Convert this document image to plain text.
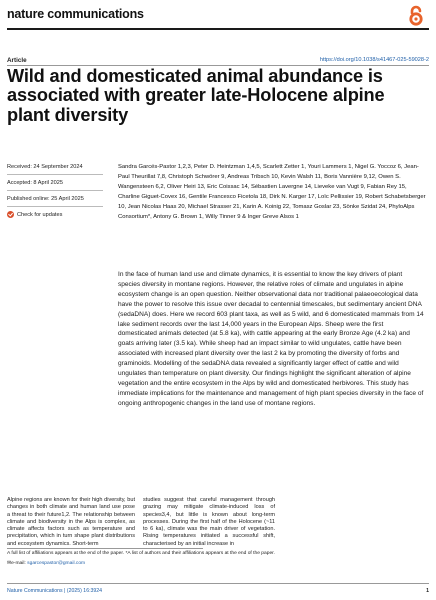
nature communications
Article	https://doi.org/10.1038/s41467-025-59028-2
Wild and domesticated animal abundance is associated with greater late-Holocene alpine plant diversity
Received: 24 September 2024
Accepted: 8 April 2025
Published online: 25 April 2025
Check for updates
Sandra Garcés-Pastor 1,2,3, Peter D. Heintzman 1,4,5, Scarlett Zetter 1, Youri Lammers 1, Nigel G. Yoccoz 6, Jean-Paul Theurillat 7,8, Christoph Schwörer 9, Andreas Tribsch 10, Kevin Walsh 11, Boris Vannière 9,12, Owen S. Wangensteen 6,2, Oliver Heiri 13, Eric Coissac 14, Sébastien Lavergne 14, Lieveke van Vugt 9, Fabian Rey 15, Charline Giguet-Covex 16, Gentile Francesco Ficetola 18, Dirk N. Karger 17, Loïc Pellissier 19, Robert Schabetsberger 10, Jean Nicolas Haas 20, Michael Strasser 21, Karin A. Koinig 22, Tomasz Goslar 23, Sönke Szidat 24, PhyloAlps Consortium*, Antony G. Brown 1, Willy Tinner 9 & Inger Greve Alsos 1
In the face of human land use and climate dynamics, it is essential to know the key drivers of plant species diversity in montane regions. However, the relative roles of climate and ungulates in alpine ecosystem change is an open question. Neither observational data nor traditional palaeoecological data have the power to resolve this issue over decadal to centennial timescales, but sedimentary ancient DNA (sedaDNA) does. Here we record 603 plant taxa, as well as 5 wild, and 6 domesticated mammals from 14 lake sediment records over the last 14,000 years in the European Alps. Sheep were the first domesticated animals detected (at 5.8 ka), with cattle appearing at the early Bronze Age (4.2 ka) and goats arriving later (3.5 ka). While sheep had an impact similar to wild ungulates, cattle have been associated with increased plant diversity over the last 2 ka by promoting the diversity of forbs and graminoids. Modelling of the sedaDNA data revealed a significantly larger effect of cattle and wild ungulates than temperature on plant diversity. Our findings highlight the significant alteration of alpine vegetation and the entire ecosystem in the Alps by wild and domesticated herbivores. This study has immediate implications for the maintenance and management of high plant species diversity in the face of ongoing anthropogenic changes in the land use of montane regions.
Alpine regions are known for their high diversity, but changes in both climate and human land use pose a threat to their future1,2. The relationship between climate and biodiversity in the Alps is complex, as climate affects factors such as temperature and precipitation, which in turn shape plant distributions and ecosystem dynamics. Short-term
studies suggest that careful management through grazing may mitigate climate-induced loss of species3,4, but little is known about long-term processes. During the first half of the Holocene (~11 to 6 ka), climate was the main driver of vegetation. Rising temperatures initiated a successful shift, characterised by an initial increase in
A full list of affiliations appears at the end of the paper. *A list of authors and their affiliations appears at the end of the paper.
✉e-mail: sgarcespastor@gmail.com
Nature Communications | (2025) 16:3924	1
